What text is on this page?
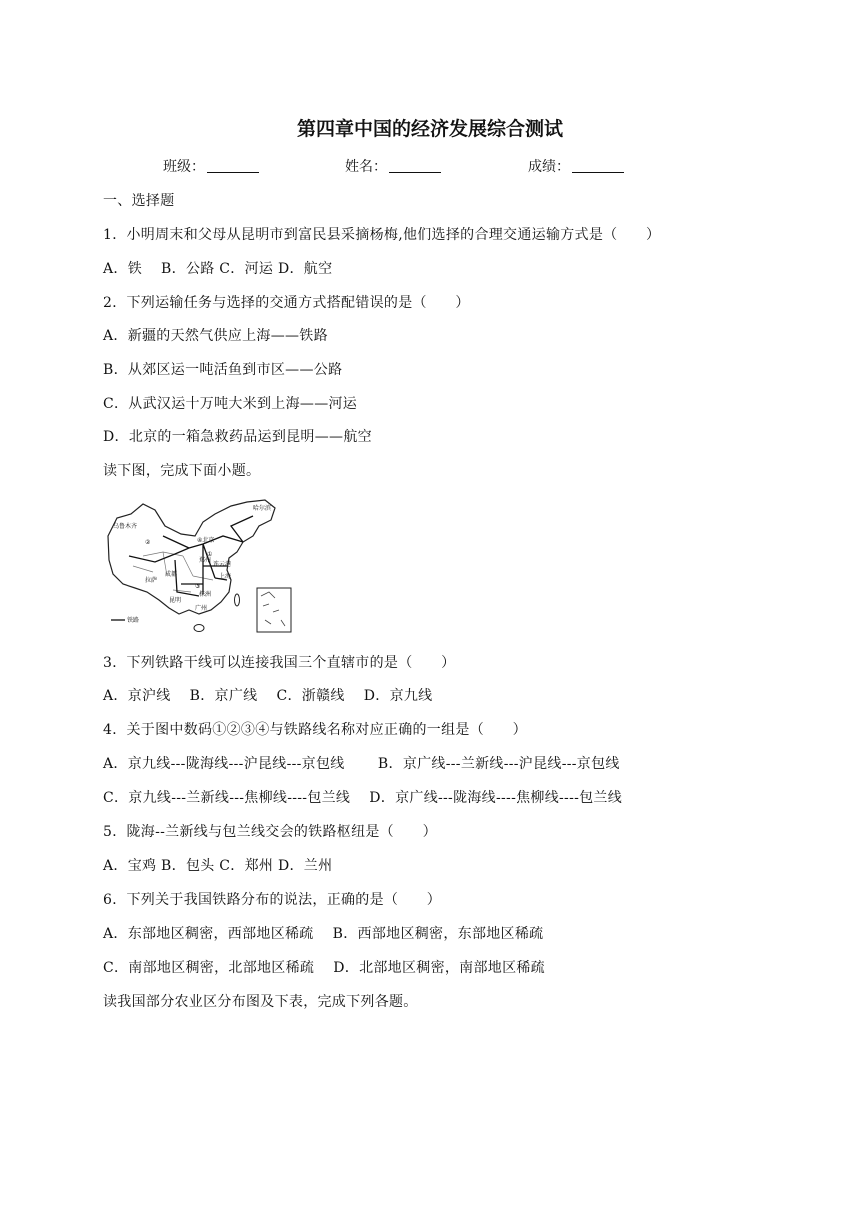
第四章中国的经济发展综合测试
班级：	姓名：	成绩：
一、选择题
1．小明周末和父母从昆明市到富民县采摘杨梅,他们选择的合理交通运输方式是（　　）
A．铁　 B．公路 C．河运 D．航空
2．下列运输任务与选择的交通方式搭配错误的是（　　）
A．新疆的天然气供应上海——铁路
B．从郊区运一吨活鱼到市区——公路
C．从武汉运十万吨大米到上海——河运
D．北京的一箱急救药品运到昆明——航空
读下图，完成下面小题。
哈尔滨
乌鲁木齐
④北京
②
郑州
①
连云港
上海
拉萨
成都
③
株洲
昆明
广州
铁路
3．下列铁路干线可以连接我国三个直辖市的是（　　）
A．京沪线　 B．京广线　 C．浙赣线　 D．京九线
4．关于图中数码①②③④与铁路线名称对应正确的一组是（　　）
A．京九线---陇海线---沪昆线---京包线　　 B．京广线---兰新线---沪昆线---京包线
C．京九线---兰新线---焦柳线----包兰线　 D．京广线---陇海线----焦柳线----包兰线
5．陇海--兰新线与包兰线交会的铁路枢纽是（　　）
A．宝鸡 B．包头 C．郑州 D．兰州
6．下列关于我国铁路分布的说法，正确的是（　　）
A．东部地区稠密，西部地区稀疏　 B．西部地区稠密，东部地区稀疏
C．南部地区稠密，北部地区稀疏　 D．北部地区稠密，南部地区稀疏
读我国部分农业区分布图及下表，完成下列各题。
